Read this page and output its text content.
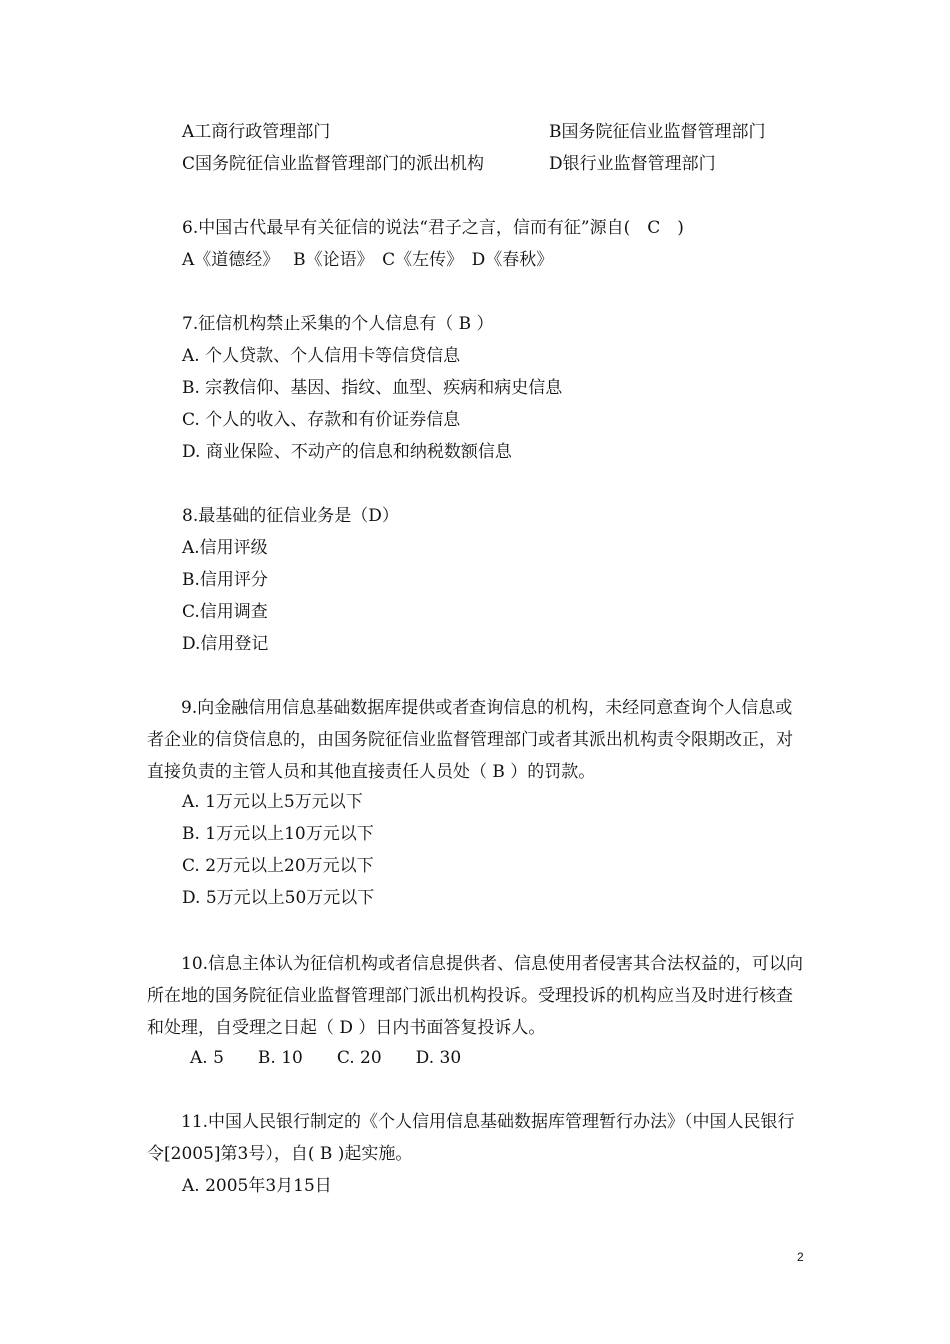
A工商行政管理部门	B国务院征信业监督管理部门
C国务院征信业监督管理部门的派出机构	D银行业监督管理部门
6.中国古代最早有关征信的说法“君子之言，信而有征”源自(　C　)
A《道德经》　 B《论语》　C《左传》　D《春秋》
7.征信机构禁止采集的个人信息有（ B ）
A. 个人贷款、个人信用卡等信贷信息
B. 宗教信仰、基因、指纹、血型、疾病和病史信息
C. 个人的收入、存款和有价证券信息
D. 商业保险、不动产的信息和纳税数额信息
8.最基础的征信业务是（D）
A.信用评级
B.信用评分
C.信用调查
D.信用登记
9.向金融信用信息基础数据库提供或者查询信息的机构，未经同意查询个人信息或者企业的信贷信息的，由国务院征信业监督管理部门或者其派出机构责令限期改正，对直接负责的主管人员和其他直接责任人员处（ B ）的罚款。
A. 1万元以上5万元以下
B. 1万元以上10万元以下
C. 2万元以上20万元以下
D. 5万元以上50万元以下
10.信息主体认为征信机构或者信息提供者、信息使用者侵害其合法权益的，可以向所在地的国务院征信业监督管理部门派出机构投诉。受理投诉的机构应当及时进行核查和处理，自受理之日起（ D ）日内书面答复投诉人。
A. 5　　B. 10　　C. 20　　D. 30
11.中国人民银行制定的《个人信用信息基础数据库管理暂行办法》（中国人民银行令[2005]第3号），自( B )起实施。
A. 2005年3月15日
2
